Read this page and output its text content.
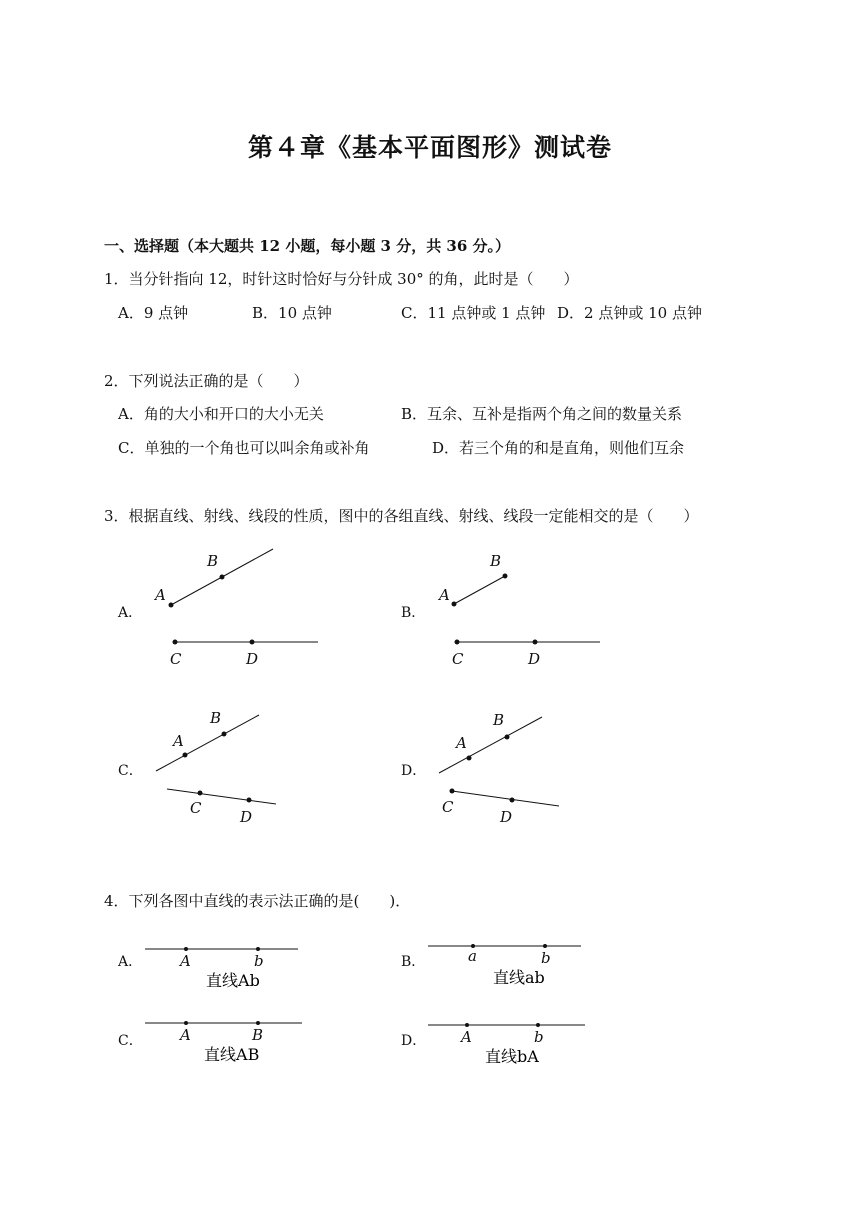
第４章《基本平面图形》测试卷
一、选择题（本大题共 12 小题，每小题 3 分，共 36 分。）
1．当分针指向 12，时针这时恰好与分针成 30° 的角，此时是（　　）
A．9 点钟	B．10 点钟	C．11 点钟或 1 点钟 D．2 点钟或 10 点钟
2．下列说法正确的是（　　）
A．角的大小和开口的大小无关	B．互余、互补是指两个角之间的数量关系
C．单独的一个角也可以叫余角或补角	D．若三个角的和是直角，则他们互余
3．根据直线、射线、线段的性质，图中的各组直线、射线、线段一定能相交的是（　　）
A．	B．
C．	D．
A
B
C	D
A
B
C	D
A
B
C	D
A
B
C
D
4．下列各图中直线的表示法正确的是(　　)．
A．	B．
C．	D．
A	b
直线Ab
a	b
直线ab
A	B
直线AB
A	b
直线bA
